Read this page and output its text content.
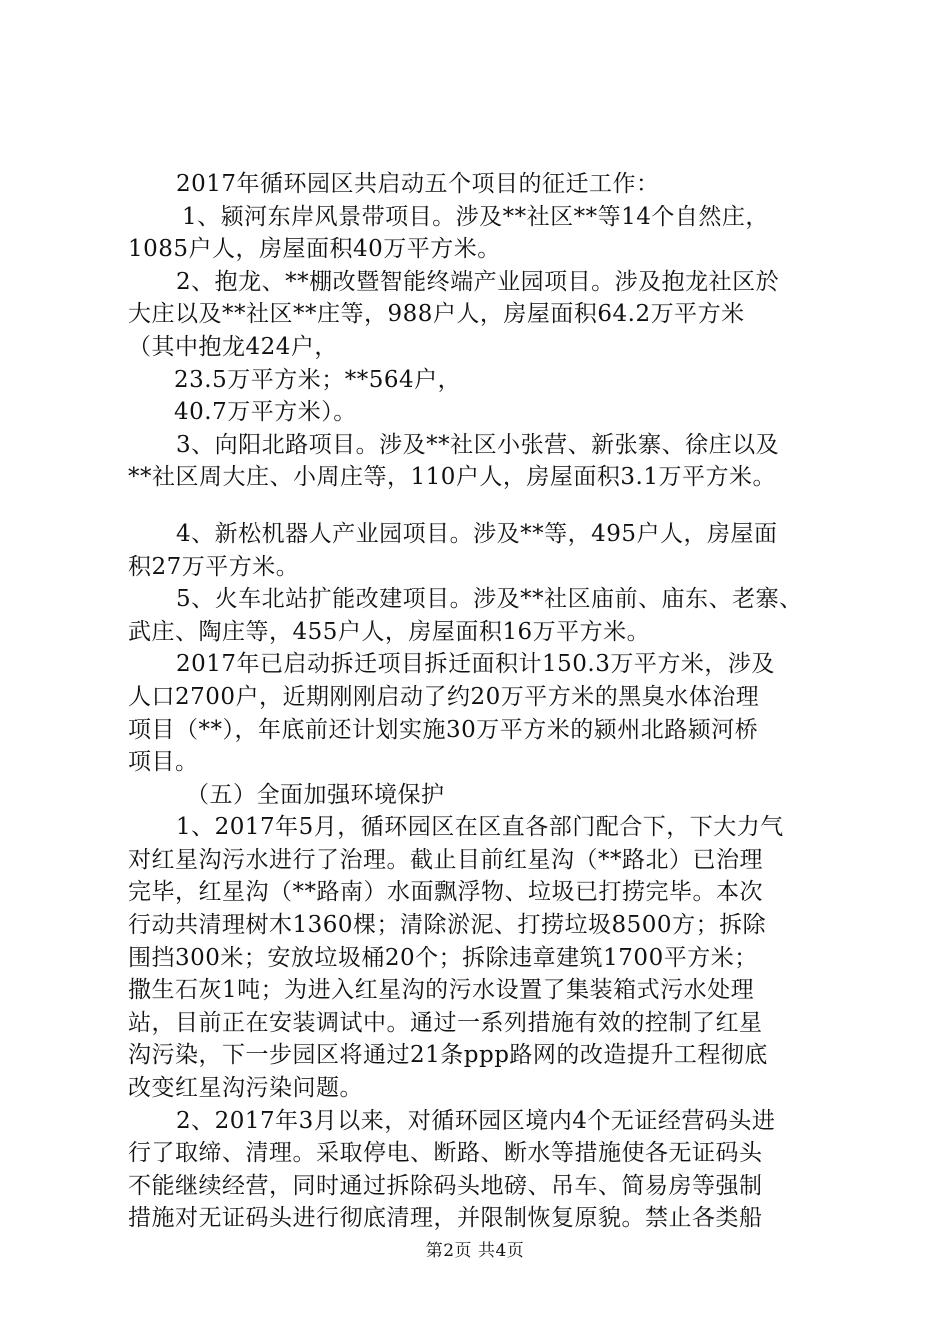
2017年循环园区共启动五个项目的征迁工作：
1、颍河东岸风景带项目。涉及**社区**等14个自然庄，
1085户人，房屋面积40万平方米。
2、抱龙、**棚改暨智能终端产业园项目。涉及抱龙社区於
大庄以及**社区**庄等，988户人，房屋面积64.2万平方米
（其中抱龙424户，
23.5万平方米；**564户，
40.7万平方米）。
3、向阳北路项目。涉及**社区小张营、新张寨、徐庄以及
**社区周大庄、小周庄等，110户人，房屋面积3.1万平方米。
4、新松机器人产业园项目。涉及**等，495户人，房屋面
积27万平方米。
5、火车北站扩能改建项目。涉及**社区庙前、庙东、老寨、
武庄、陶庄等，455户人，房屋面积16万平方米。
2017年已启动拆迁项目拆迁面积计150.3万平方米，涉及
人口2700户，近期刚刚启动了约20万平方米的黑臭水体治理
项目（**），年底前还计划实施30万平方米的颍州北路颍河桥
项目。
（五）全面加强环境保护
1、2017年5月，循环园区在区直各部门配合下，下大力气
对红星沟污水进行了治理。截止目前红星沟（**路北）已治理
完毕，红星沟（**路南）水面飘浮物、垃圾已打捞完毕。本次
行动共清理树木1360棵；清除淤泥、打捞垃圾8500方；拆除
围挡300米；安放垃圾桶20个；拆除违章建筑1700平方米；
撒生石灰1吨；为进入红星沟的污水设置了集装箱式污水处理
站，目前正在安装调试中。通过一系列措施有效的控制了红星
沟污染，下一步园区将通过21条ppp路网的改造提升工程彻底
改变红星沟污染问题。
2、2017年3月以来，对循环园区境内4个无证经营码头进
行了取缔、清理。采取停电、断路、断水等措施使各无证码头
不能继续经营，同时通过拆除码头地磅、吊车、简易房等强制
措施对无证码头进行彻底清理，并限制恢复原貌。禁止各类船
第2页 共4页
